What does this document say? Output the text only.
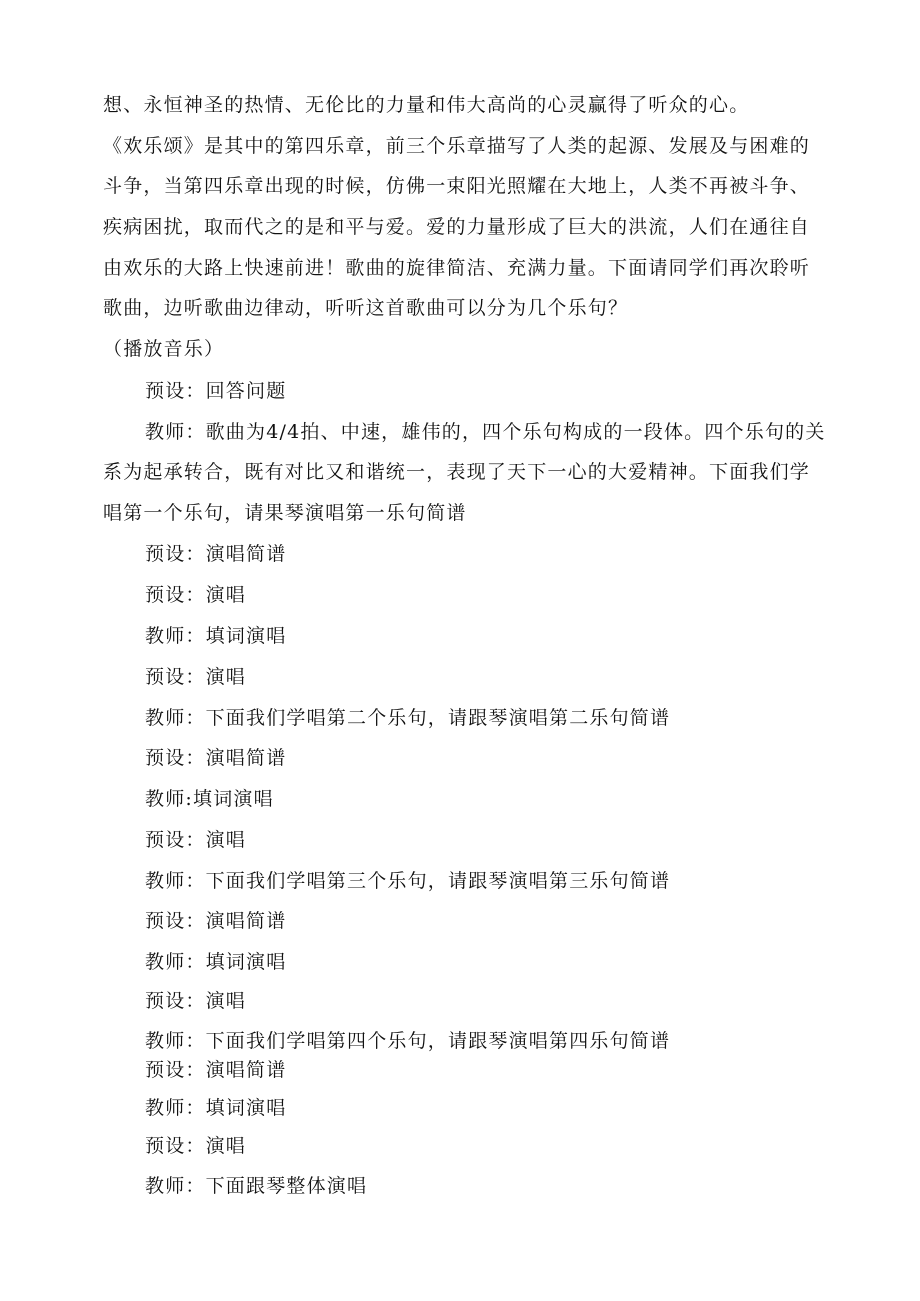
想、永恒神圣的热情、无伦比的力量和伟大高尚的心灵赢得了听众的心。
《欢乐颂》是其中的第四乐章，前三个乐章描写了人类的起源、发展及与困难的
斗争，当第四乐章出现的时候，仿佛一束阳光照耀在大地上，人类不再被斗争、
疾病困扰，取而代之的是和平与爱。爱的力量形成了巨大的洪流，人们在通往自
由欢乐的大路上快速前进！歌曲的旋律简洁、充满力量。下面请同学们再次聆听
歌曲，边听歌曲边律动，听听这首歌曲可以分为几个乐句？
（播放音乐）
预设：回答问题
教师：歌曲为4/4拍、中速，雄伟的，四个乐句构成的一段体。四个乐句的关
系为起承转合，既有对比又和谐统一，表现了天下一心的大爱精神。下面我们学
唱第一个乐句，请果琴演唱第一乐句简谱
预设：演唱简谱
预设：演唱
教师：填词演唱
预设：演唱
教师：下面我们学唱第二个乐句，请跟琴演唱第二乐句简谱
预设：演唱简谱
教师:填词演唱
预设：演唱
教师：下面我们学唱第三个乐句，请跟琴演唱第三乐句简谱
预设：演唱简谱
教师：填词演唱
预设：演唱
教师：下面我们学唱第四个乐句，请跟琴演唱第四乐句简谱
预设：演唱简谱
教师：填词演唱
预设：演唱
教师：下面跟琴整体演唱
